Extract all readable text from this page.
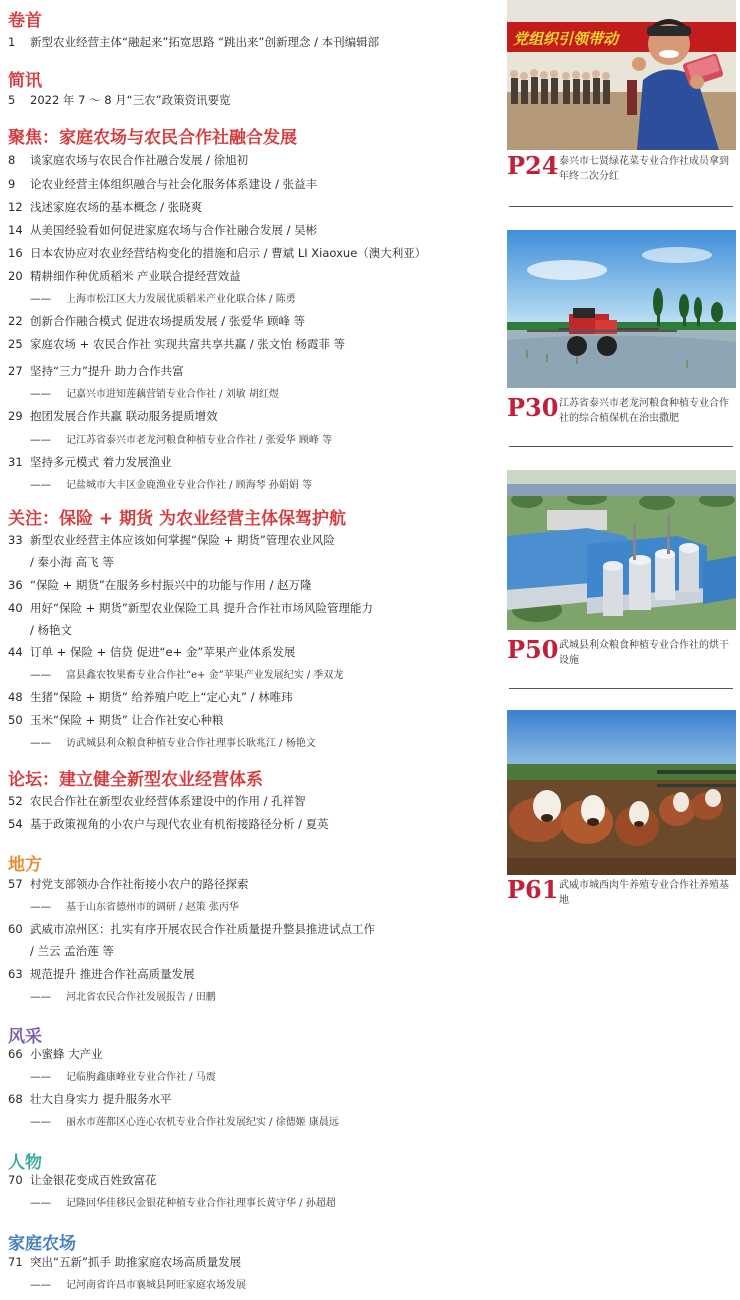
卷首
1 新型农业经营主体“融起来”拓宽思路 “跳出来”创新理念 / 本刊编辑部
简讯
5 2022 年 7 ～ 8 月“三农”政策资讯要览
聚焦：家庭农场与农民合作社融合发展
8 谈家庭农场与农民合作社融合发展 / 徐旭初
9 论农业经营主体组织融合与社会化服务体系建设 / 张益丰
12 浅述家庭农场的基本概念 / 张晓爽
14 从美国经验看如何促进家庭农场与合作社融合发展 / 吴彬
16 日本农协应对农业经营结构变化的措施和启示 / 曹斌 LI Xiaoxue（澳大利亚）
20 精耕细作种优质稻米 产业联合提经营效益
—— 上海市松江区大力发展优质稻米产业化联合体 / 陈勇
22 创新合作融合模式 促进农场提质发展 / 张爱华 顾峰 等
25 家庭农场 + 农民合作社 实现共富共享共赢 / 张文怡 杨霞菲 等
27 坚持“三力”提升 助力合作共富
—— 记嘉兴市进知莲藕营销专业合作社 / 刘敏 胡红煜
29 抱团发展合作共赢 联动服务提质增效
—— 记江苏省泰兴市老龙河粮食种植专业合作社 / 张爱华 顾峰 等
31 坚持多元模式 着力发展渔业
—— 记盐城市大丰区金鹿渔业专业合作社 / 顾海琴 孙娟娟 等
关注：保险 + 期货 为农业经营主体保驾护航
33 新型农业经营主体应该如何掌握“保险 + 期货”管理农业风险
/ 秦小海 高飞 等
36 “保险 + 期货”在服务乡村振兴中的功能与作用 / 赵万隆
40 用好“保险 + 期货”新型农业保险工具 提升合作社市场风险管理能力
/ 杨艳文
44 订单 + 保险 + 信贷 促进“e+ 金”苹果产业体系发展
—— 富县鑫农牧果畜专业合作社“e+ 金”苹果产业发展纪实 / 季双龙
48 生猪“保险 + 期货” 给养殖户吃上“定心丸” / 林唯玮
50 玉米“保险 + 期货” 让合作社安心种粮
—— 访武城县利众粮食种植专业合作社理事长耿兆江 / 杨艳文
论坛：建立健全新型农业经营体系
52 农民合作社在新型农业经营体系建设中的作用 / 孔祥智
54 基于政策视角的小农户与现代农业有机衔接路径分析 / 夏英
地方
57 村党支部领办合作社衔接小农户的路径探索
—— 基于山东省德州市的调研 / 赵策 张丙华
60 武威市凉州区：扎实有序开展农民合作社质量提升整县推进试点工作
/ 兰云 孟治莲 等
63 规范提升 推进合作社高质量发展
—— 河北省农民合作社发展报告 / 田鹏
风采
66 小蜜蜂 大产业
—— 记临朐鑫康峰业专业合作社 / 马震
68 壮大自身实力 提升服务水平
—— 丽水市莲都区心连心农机专业合作社发展纪实 / 徐德姬 康晨远
人物
70 让金银花变成百姓致富花
—— 记隆回华佳移民金银花种植专业合作社理事长黄守华 / 孙超超
家庭农场
71 突出“五新”抓手 助推家庭农场高质量发展
—— 记河南省许昌市襄城县阿旺家庭农场发展
党组织引领带动
P24 泰兴市七贤绿花菜专业合作社成员拿到年终二次分红
P30 江苏省泰兴市老龙河粮食种植专业合作社的综合植保机在治虫撒肥
P50 武城县利众粮食种植专业合作社的烘干设施
P61 武威市城西肉牛养殖专业合作社养殖基地
